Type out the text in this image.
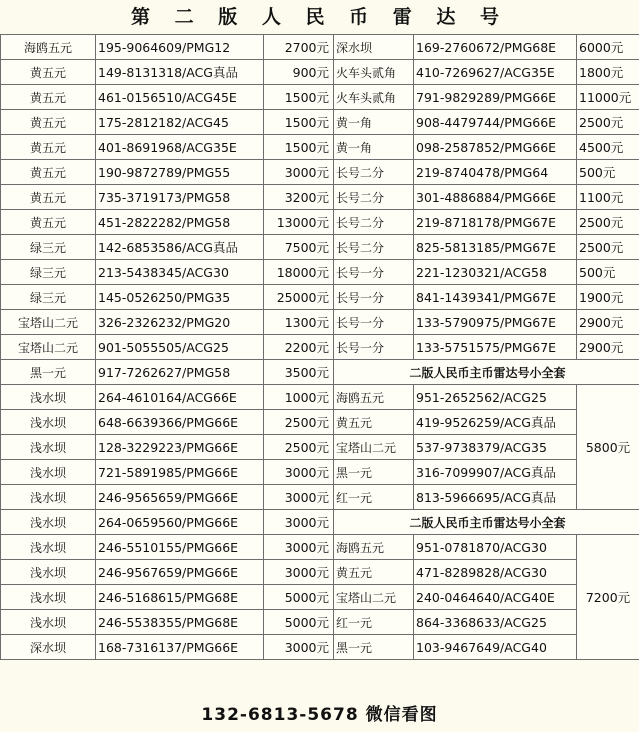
第 二 版 人 民 币 雷 达 号
海鸥五元	195-9064609/PMG12	2700元	深水坝	169-2760672/PMG68E	6000元
黄五元	149-8131318/ACG真品	900元	火车头贰角	410-7269627/ACG35E	1800元
黄五元	461-0156510/ACG45E	1500元	火车头贰角	791-9829289/PMG66E	11000元
黄五元	175-2812182/ACG45	1500元	黄一角	908-4479744/PMG66E	2500元
黄五元	401-8691968/ACG35E	1500元	黄一角	098-2587852/PMG66E	4500元
黄五元	190-9872789/PMG55	3000元	长号二分	219-8740478/PMG64	500元
黄五元	735-3719173/PMG58	3200元	长号二分	301-4886884/PMG66E	1100元
黄五元	451-2822282/PMG58	13000元	长号二分	219-8718178/PMG67E	2500元
绿三元	142-6853586/ACG真品	7500元	长号二分	825-5813185/PMG67E	2500元
绿三元	213-5438345/ACG30	18000元	长号一分	221-1230321/ACG58	500元
绿三元	145-0526250/PMG35	25000元	长号一分	841-1439341/PMG67E	1900元
宝塔山二元	326-2326232/PMG20	1300元	长号一分	133-5790975/PMG67E	2900元
宝塔山二元	901-5055505/ACG25	2200元	长号一分	133-5751575/PMG67E	2900元
黑一元	917-7262627/PMG58	3500元	二版人民币主币雷达号小全套		
浅水坝	264-4610164/ACG66E	1000元	海鸥五元	951-2652562/ACG25	5800元
浅水坝	648-6639366/PMG66E	2500元	黄五元	419-9526259/ACG真品	
浅水坝	128-3229223/PMG66E	2500元	宝塔山二元	537-9738379/ACG35	
浅水坝	721-5891985/PMG66E	3000元	黑一元	316-7099907/ACG真品	
浅水坝	246-9565659/PMG66E	3000元	红一元	813-5966695/ACG真品	
浅水坝	264-0659560/PMG66E	3000元	二版人民币主币雷达号小全套		
浅水坝	246-5510155/PMG66E	3000元	海鸥五元	951-0781870/ACG30	7200元
浅水坝	246-9567659/PMG66E	3000元	黄五元	471-8289828/ACG30	
浅水坝	246-5168615/PMG68E	5000元	宝塔山二元	240-0464640/ACG40E	
浅水坝	246-5538355/PMG68E	5000元	红一元	864-3368633/ACG25	
深水坝	168-7316137/PMG66E	3000元	黑一元	103-9467649/ACG40	
132-6813-5678 微信看图
